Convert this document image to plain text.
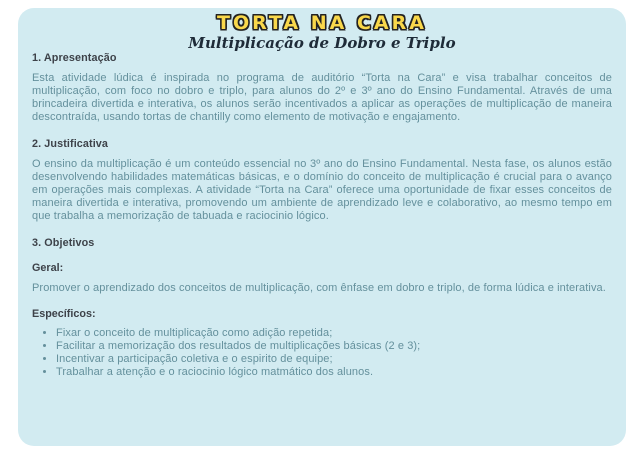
TORTA NA CARA
Multiplicação de Dobro e Triplo
1. Apresentação

Esta atividade lúdica é inspirada no programa de auditório “Torta na Cara” e visa trabalhar conceitos de multiplicação, com foco no dobro e triplo, para alunos do 2º e 3º ano do Ensino Fundamental. Através de uma brincadeira divertida e interativa, os alunos serão incentivados a aplicar as operações de multiplicação de maneira descontraída, usando tortas de chantilly como elemento de motivação e engajamento.

2. Justificativa

O ensino da multiplicação é um conteúdo essencial no 3º ano do Ensino Fundamental. Nesta fase, os alunos estão desenvolvendo habilidades matemáticas básicas, e o domínio do conceito de multiplicação é crucial para o avanço em operações mais complexas. A atividade “Torta na Cara” oferece uma oportunidade de fixar esses conceitos de maneira divertida e interativa, promovendo um ambiente de aprendizado leve e colaborativo, ao mesmo tempo em que trabalha a memorização de tabuada e raciocinio lógico.

3. Objetivos
Geral:

Promover o aprendizado dos conceitos de multiplicação, com ênfase em dobro e triplo, de forma lúdica e interativa.

Específicos:
• Fixar o conceito de multiplicação como adição repetida;
• Facilitar a memorização dos resultados de multiplicações básicas (2 e 3);
• Incentivar a participação coletiva e o espirito de equipe;
• Trabalhar a atenção e o raciocinio lógico matmático dos alunos.
